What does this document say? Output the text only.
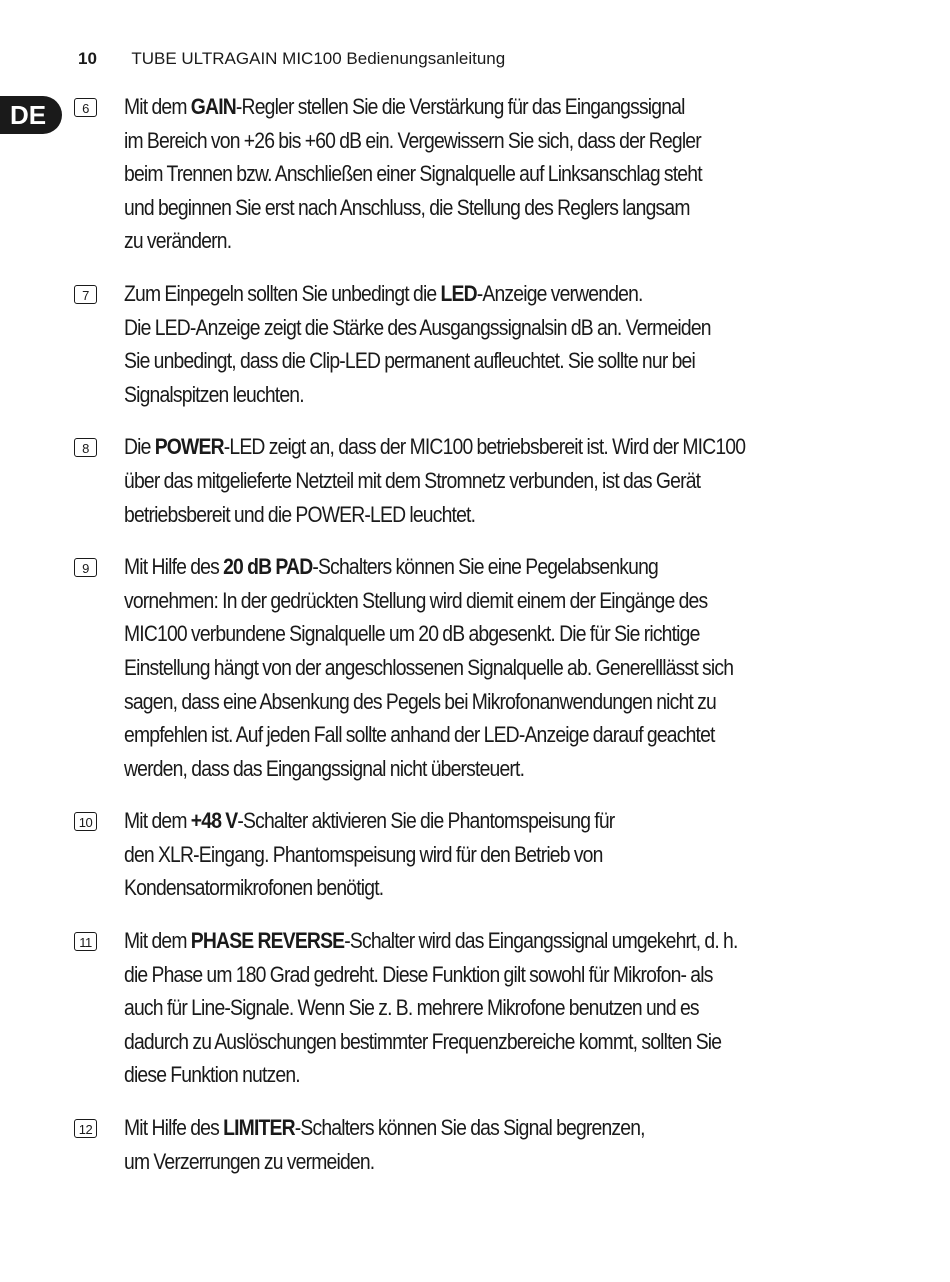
10 TUBE ULTRAGAIN MIC100 Bedienungsanleitung
DE	6	Mit dem GAIN-Regler stellen Sie die Verstärkung für das Eingangssignal
im Bereich von +26 bis +60 dB ein. Vergewissern Sie sich, dass der Regler
beim Trennen bzw. Anschließen einer Signalquelle auf Linksanschlag steht
und beginnen Sie erst nach Anschluss, die Stellung des Reglers langsam
zu verändern.
7	Zum Einpegeln sollten Sie unbedingt die LED-Anzeige verwenden.
Die LED-Anzeige zeigt die Stärke des Ausgangssignalsin dB an. Vermeiden
Sie unbedingt, dass die Clip-LED permanent aufleuchtet. Sie sollte nur bei
Signalspitzen leuchten.
8	Die POWER-LED zeigt an, dass der MIC100 betriebsbereit ist. Wird der MIC100
über das mitgelieferte Netzteil mit dem Stromnetz verbunden, ist das Gerät
betriebsbereit und die POWER-LED leuchtet.
9	Mit Hilfe des 20 dB PAD-Schalters können Sie eine Pegelabsenkung
vornehmen: In der gedrückten Stellung wird diemit einem der Eingänge des
MIC100 verbundene Signalquelle um 20 dB abgesenkt. Die für Sie richtige
Einstellung hängt von der angeschlossenen Signalquelle ab. Generelllässt sich
sagen, dass eine Absenkung des Pegels bei Mikrofonanwendungen nicht zu
empfehlen ist. Auf jeden Fall sollte anhand der LED-Anzeige darauf geachtet
werden, dass das Eingangssignal nicht übersteuert.
10 Mit dem +48 V-Schalter aktivieren Sie die Phantomspeisung für
den XLR-Eingang. Phantomspeisung wird für den Betrieb von
Kondensatormikrofonen benötigt.
11 Mit dem PHASE REVERSE-Schalter wird das Eingangssignal umgekehrt, d. h.
die Phase um 180 Grad gedreht. Diese Funktion gilt sowohl für Mikrofon- als
auch für Line-Signale. Wenn Sie z. B. mehrere Mikrofone benutzen und es
dadurch zu Auslöschungen bestimmter Frequenzbereiche kommt, sollten Sie
diese Funktion nutzen.
12 Mit Hilfe des LIMITER-Schalters können Sie das Signal begrenzen,
um Verzerrungen zu vermeiden.
